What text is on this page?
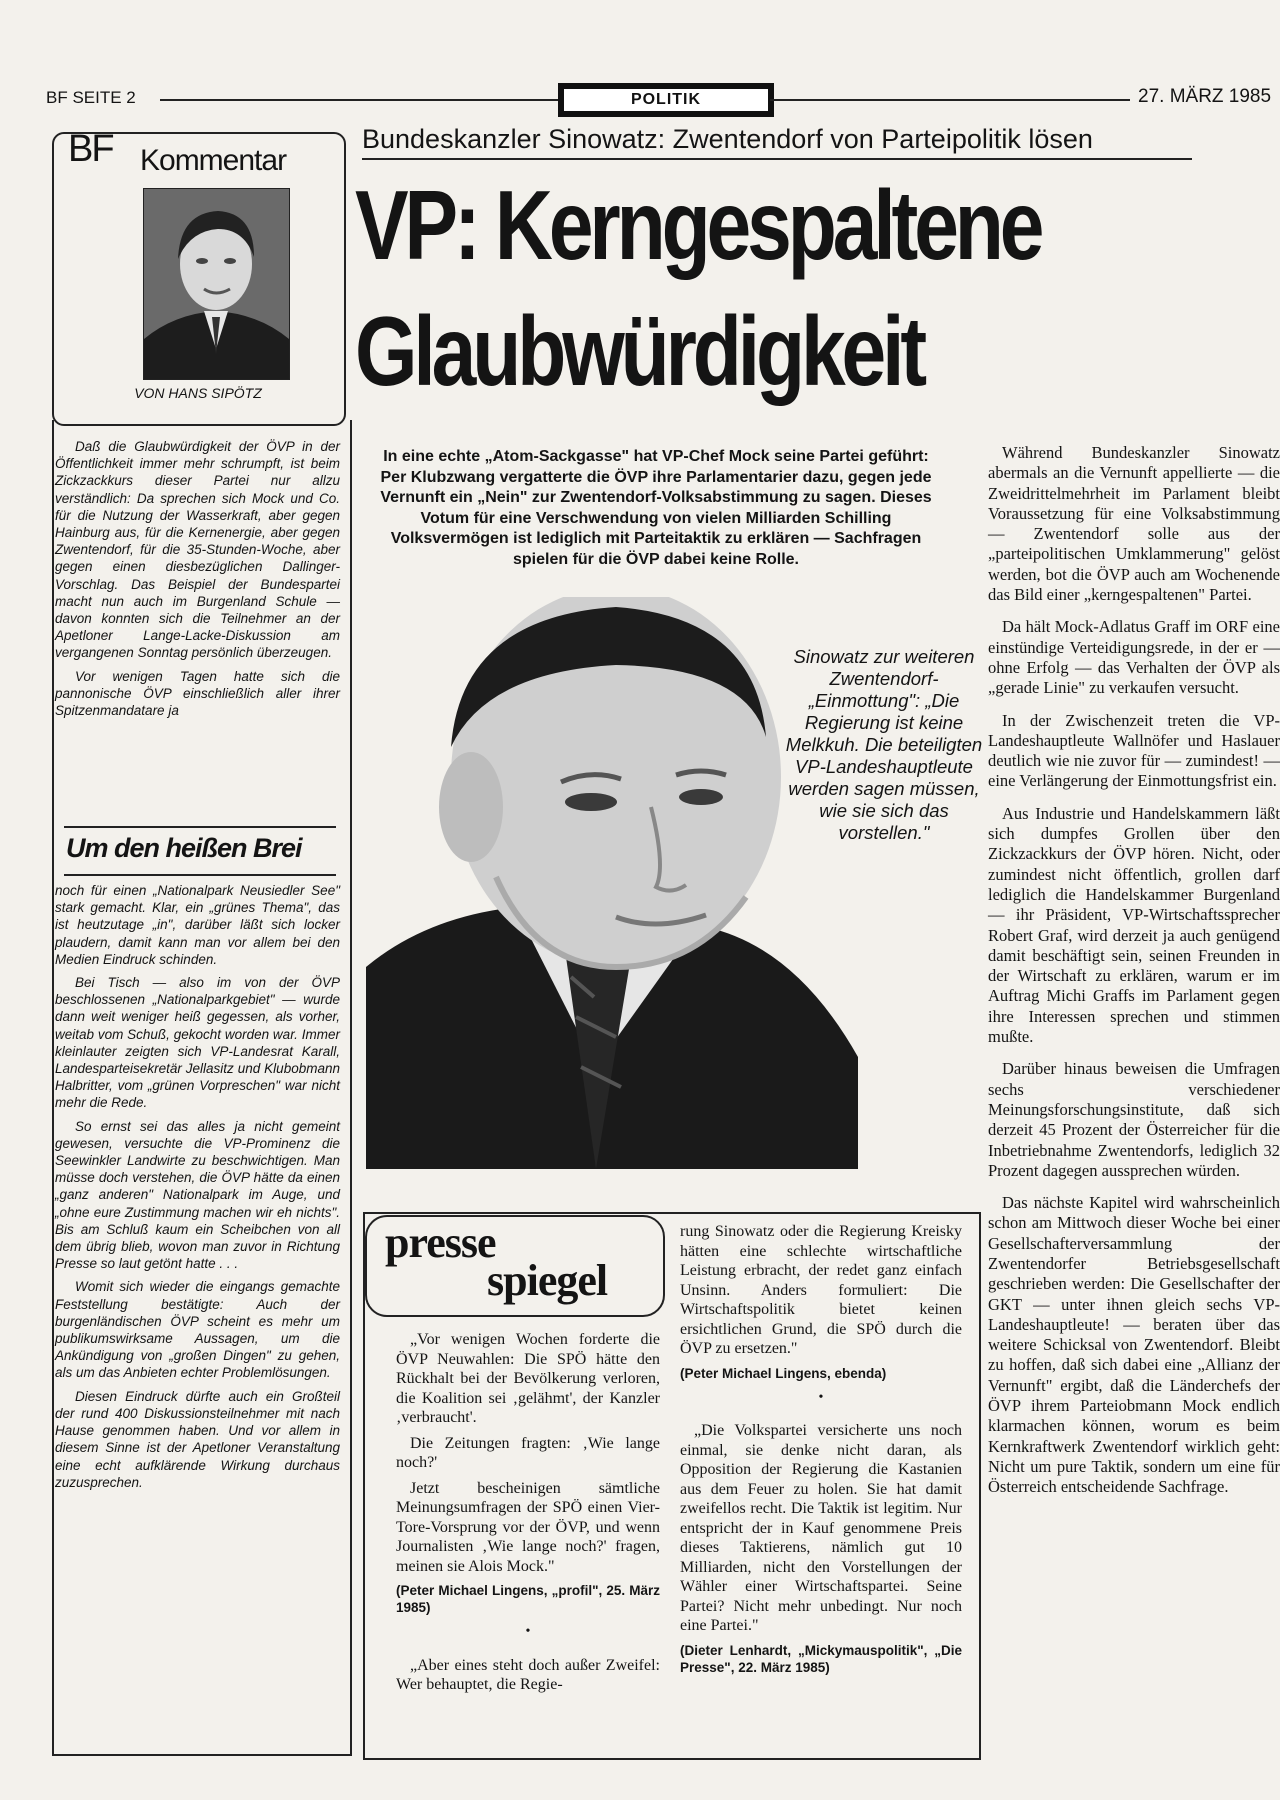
BF SEITE 2	POLITIK	27. MÄRZ 1985
BF Kommentar
VON HANS SIPÖTZ

Daß die Glaubwürdigkeit der ÖVP in der Öffentlichkeit immer mehr schrumpft, ist beim Zickzackkurs dieser Partei nur allzu verständlich: Da sprechen sich Mock und Co. für die Nutzung der Wasserkraft, aber gegen Hainburg aus, für die Kernenergie, aber gegen Zwentendorf, für die 35-Stunden-Woche, aber gegen einen diesbezüglichen Dallinger-Vorschlag. Das Beispiel der Bundespartei macht nun auch im Burgenland Schule — davon konnten sich die Teilnehmer an der Apetloner Lange-Lacke-Diskussion am vergangenen Sonntag persönlich überzeugen.

Vor wenigen Tagen hatte sich die pannonische ÖVP einschließlich aller ihrer Spitzenmandatare ja

Um den heißen Brei

noch für einen „Nationalpark Neusiedler See" stark gemacht. Klar, ein „grünes Thema", das ist heutzutage „in", darüber läßt sich locker plaudern, damit kann man vor allem bei den Medien Eindruck schinden.

Bei Tisch — also im von der ÖVP beschlossenen „Nationalparkgebiet" — wurde dann weit weniger heiß gegessen, als vorher, weitab vom Schuß, gekocht worden war. Immer kleinlauter zeigten sich VP-Landesrat Karall, Landesparteisekretär Jellasitz und Klubobmann Halbritter, vom „grünen Vorpreschen" war nicht mehr die Rede.

So ernst sei das alles ja nicht gemeint gewesen, versuchte die VP-Prominenz die Seewinkler Landwirte zu beschwichtigen. Man müsse doch verstehen, die ÖVP hätte da einen „ganz anderen" Nationalpark im Auge, und „ohne eure Zustimmung machen wir eh nichts". Bis am Schluß kaum ein Scheibchen von all dem übrig blieb, wovon man zuvor in Richtung Presse so laut getönt hatte . . .

Womit sich wieder die eingangs gemachte Feststellung bestätigte: Auch der burgenländischen ÖVP scheint es mehr um publikumswirksame Aussagen, um die Ankündigung von „großen Dingen" zu gehen, als um das Anbieten echter Problemlösungen.

Diesen Eindruck dürfte auch ein Großteil der rund 400 Diskussionsteilnehmer mit nach Hause genommen haben. Und vor allem in diesem Sinne ist der Apetloner Veranstaltung eine echt aufklärende Wirkung durchaus zuzusprechen.

Bundeskanzler Sinowatz: Zwentendorf von Parteipolitik lösen
VP: Kerngespaltene
Glaubwürdigkeit
In eine echte „Atom-Sackgasse" hat VP-Chef Mock seine Partei geführt: Per Klubzwang vergatterte die ÖVP ihre Parlamentarier dazu, gegen jede Vernunft ein „Nein" zur Zwentendorf-Volksabstimmung zu sagen. Dieses Votum für eine Verschwendung von vielen Milliarden Schilling Volksvermögen ist lediglich mit Parteitaktik zu erklären — Sachfragen spielen für die ÖVP dabei keine Rolle.
Sinowatz zur weiteren Zwentendorf-„Einmottung": „Die Regierung ist keine Melkkuh. Die beteiligten VP-Landeshauptleute werden sagen müssen, wie sie sich das vorstellen."

Während Bundeskanzler Sinowatz abermals an die Vernunft appellierte — die Zweidrittelmehrheit im Parlament bleibt Voraussetzung für eine Volksabstimmung — Zwentendorf solle aus der „parteipolitischen Umklammerung" gelöst werden, bot die ÖVP auch am Wochenende das Bild einer „kerngespaltenen" Partei.

Da hält Mock-Adlatus Graff im ORF eine einstündige Verteidigungsrede, in der er — ohne Erfolg — das Verhalten der ÖVP als „gerade Linie" zu verkaufen versucht.

In der Zwischenzeit treten die VP-Landeshauptleute Wallnöfer und Haslauer deutlich wie nie zuvor für — zumindest! — eine Verlängerung der Einmottungsfrist ein.

Aus Industrie und Handelskammern läßt sich dumpfes Grollen über den Zickzackkurs der ÖVP hören. Nicht, oder zumindest nicht öffentlich, grollen darf lediglich die Handelskammer Burgenland — ihr Präsident, VP-Wirtschaftssprecher Robert Graf, wird derzeit ja auch genügend damit beschäftigt sein, seinen Freunden in der Wirtschaft zu erklären, warum er im Auftrag Michi Graffs im Parlament gegen ihre Interessen sprechen und stimmen mußte.

Darüber hinaus beweisen die Umfragen sechs verschiedener Meinungsforschungsinstitute, daß sich derzeit 45 Prozent der Österreicher für die Inbetriebnahme Zwentendorfs, lediglich 32 Prozent dagegen aussprechen würden.

Das nächste Kapitel wird wahrscheinlich schon am Mittwoch dieser Woche bei einer Gesellschafterversammlung der Zwentendorfer Betriebsgesellschaft geschrieben werden: Die Gesellschafter der GKT — unter ihnen gleich sechs VP-Landeshauptleute! — beraten über das weitere Schicksal von Zwentendorf. Bleibt zu hoffen, daß sich dabei eine „Allianz der Vernunft" ergibt, daß die Länderchefs der ÖVP ihrem Parteiobmann Mock endlich klarmachen können, worum es beim Kernkraftwerk Zwentendorf wirklich geht: Nicht um pure Taktik, sondern um eine für Österreich entscheidende Sachfrage.

presse
spiegel

„Vor wenigen Wochen forderte die ÖVP Neuwahlen: Die SPÖ hätte den Rückhalt bei der Bevölkerung verloren, die Koalition sei ‚gelähmt', der Kanzler ‚verbraucht'.

Die Zeitungen fragten: ‚Wie lange noch?'

Jetzt bescheinigen sämtliche Meinungsumfragen der SPÖ einen Vier-Tore-Vorsprung vor der ÖVP, und wenn Journalisten ‚Wie lange noch?' fragen, meinen sie Alois Mock."

(Peter Michael Lingens, „profil", 25. März 1985)

•

„Aber eines steht doch außer Zweifel: Wer behauptet, die Regie-

rung Sinowatz oder die Regierung Kreisky hätten eine schlechte wirtschaftliche Leistung erbracht, der redet ganz einfach Unsinn. Anders formuliert: Die Wirtschaftspolitik bietet keinen ersichtlichen Grund, die SPÖ durch die ÖVP zu ersetzen."

(Peter Michael Lingens, ebenda)

•

„Die Volkspartei versicherte uns noch einmal, sie denke nicht daran, als Opposition der Regierung die Kastanien aus dem Feuer zu holen. Sie hat damit zweifellos recht. Die Taktik ist legitim. Nur entspricht der in Kauf genommene Preis dieses Taktierens, nämlich gut 10 Milliarden, nicht den Vorstellungen der Wähler einer Wirtschaftspartei. Seine Partei? Nicht mehr unbedingt. Nur noch eine Partei."

(Dieter Lenhardt, „Mickymauspolitik", „Die Presse", 22. März 1985)
